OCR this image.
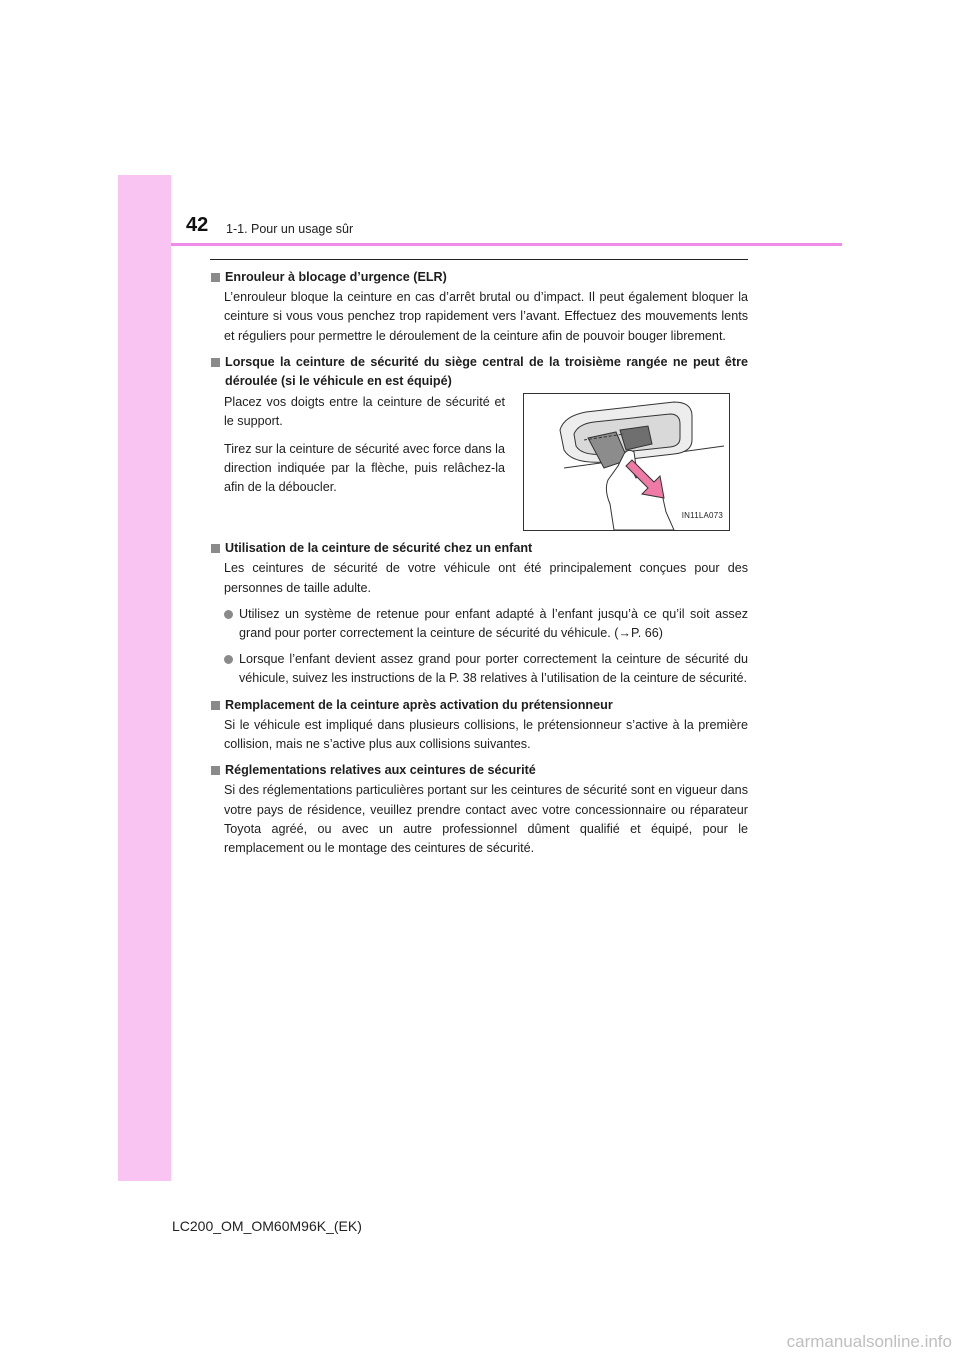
42 1-1. Pour un usage sûr
Enrouleur à blocage d’urgence (ELR)

L’enrouleur bloque la ceinture en cas d’arrêt brutal ou d’impact. Il peut également bloquer la ceinture si vous vous penchez trop rapidement vers l’avant. Effectuez des mouvements lents et réguliers pour permettre le déroulement de la ceinture afin de pouvoir bouger librement.

Lorsque la ceinture de sécurité du siège central de la troisième rangée ne peut être déroulée (si le véhicule en est équipé)

Placez vos doigts entre la ceinture de sécurité et le support.

Tirez sur la ceinture de sécurité avec force dans la direction indiquée par la flèche, puis relâchez-la afin de la déboucler.

IN11LA073
Utilisation de la ceinture de sécurité chez un enfant

Les ceintures de sécurité de votre véhicule ont été principalement conçues pour des personnes de taille adulte.

Utilisez un système de retenue pour enfant adapté à l’enfant jusqu’à ce qu’il soit assez grand pour porter correctement la ceinture de sécurité du véhicule. (→P. 66)
Lorsque l’enfant devient assez grand pour porter correctement la ceinture de sécurité du véhicule, suivez les instructions de la P. 38 relatives à l’utilisation de la ceinture de sécurité.
Remplacement de la ceinture après activation du prétensionneur

Si le véhicule est impliqué dans plusieurs collisions, le prétensionneur s’active à la première collision, mais ne s’active plus aux collisions suivantes.

Réglementations relatives aux ceintures de sécurité

Si des réglementations particulières portant sur les ceintures de sécurité sont en vigueur dans votre pays de résidence, veuillez prendre contact avec votre concessionnaire ou réparateur Toyota agréé, ou avec un autre professionnel dûment qualifié et équipé, pour le remplacement ou le montage des ceintures de sécurité.

LC200_OM_OM60M96K_(EK)
carmanualsonline.info
